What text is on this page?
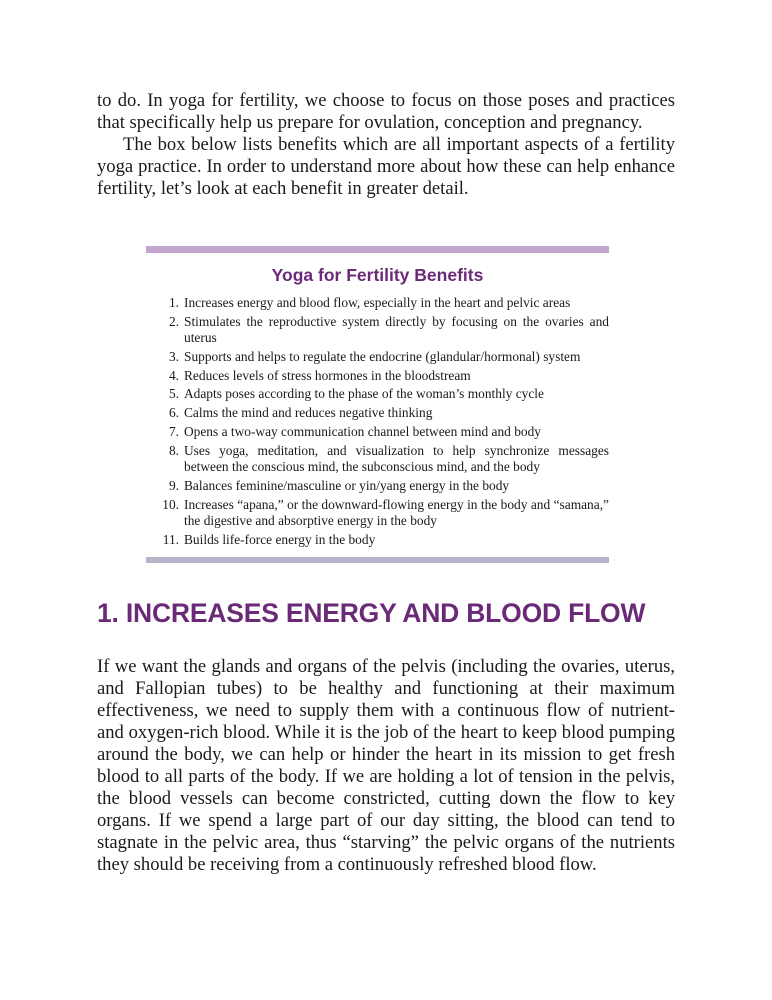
to do. In yoga for fertility, we choose to focus on those poses and practices that specifically help us prepare for ovulation, conception and pregnancy.

The box below lists benefits which are all important aspects of a fertility yoga practice. In order to understand more about how these can help enhance fertility, let’s look at each benefit in greater detail.

Yoga for Fertility Benefits
1. Increases energy and blood flow, especially in the heart and pelvic areas
2. Stimulates the reproductive system directly by focusing on the ovaries and uterus
3. Supports and helps to regulate the endocrine (glandular/hormonal) system
4. Reduces levels of stress hormones in the bloodstream
5. Adapts poses according to the phase of the woman’s monthly cycle
6. Calms the mind and reduces negative thinking
7. Opens a two-way communication channel between mind and body
8. Uses yoga, meditation, and visualization to help synchronize messages between the conscious mind, the subconscious mind, and the body
9. Balances feminine/masculine or yin/yang energy in the body
10. Increases “apana,” or the downward-flowing energy in the body and “samana,” the digestive and absorptive energy in the body
11. Builds life-force energy in the body
1. INCREASES ENERGY AND BLOOD FLOW

If we want the glands and organs of the pelvis (including the ovaries, uterus, and Fallopian tubes) to be healthy and functioning at their maximum effectiveness, we need to supply them with a continuous flow of nutrient- and oxygen-rich blood. While it is the job of the heart to keep blood pumping around the body, we can help or hinder the heart in its mission to get fresh blood to all parts of the body. If we are holding a lot of tension in the pelvis, the blood vessels can become constricted, cutting down the flow to key organs. If we spend a large part of our day sitting, the blood can tend to stagnate in the pelvic area, thus “starving” the pelvic organs of the nutrients they should be receiving from a continuously refreshed blood flow.
